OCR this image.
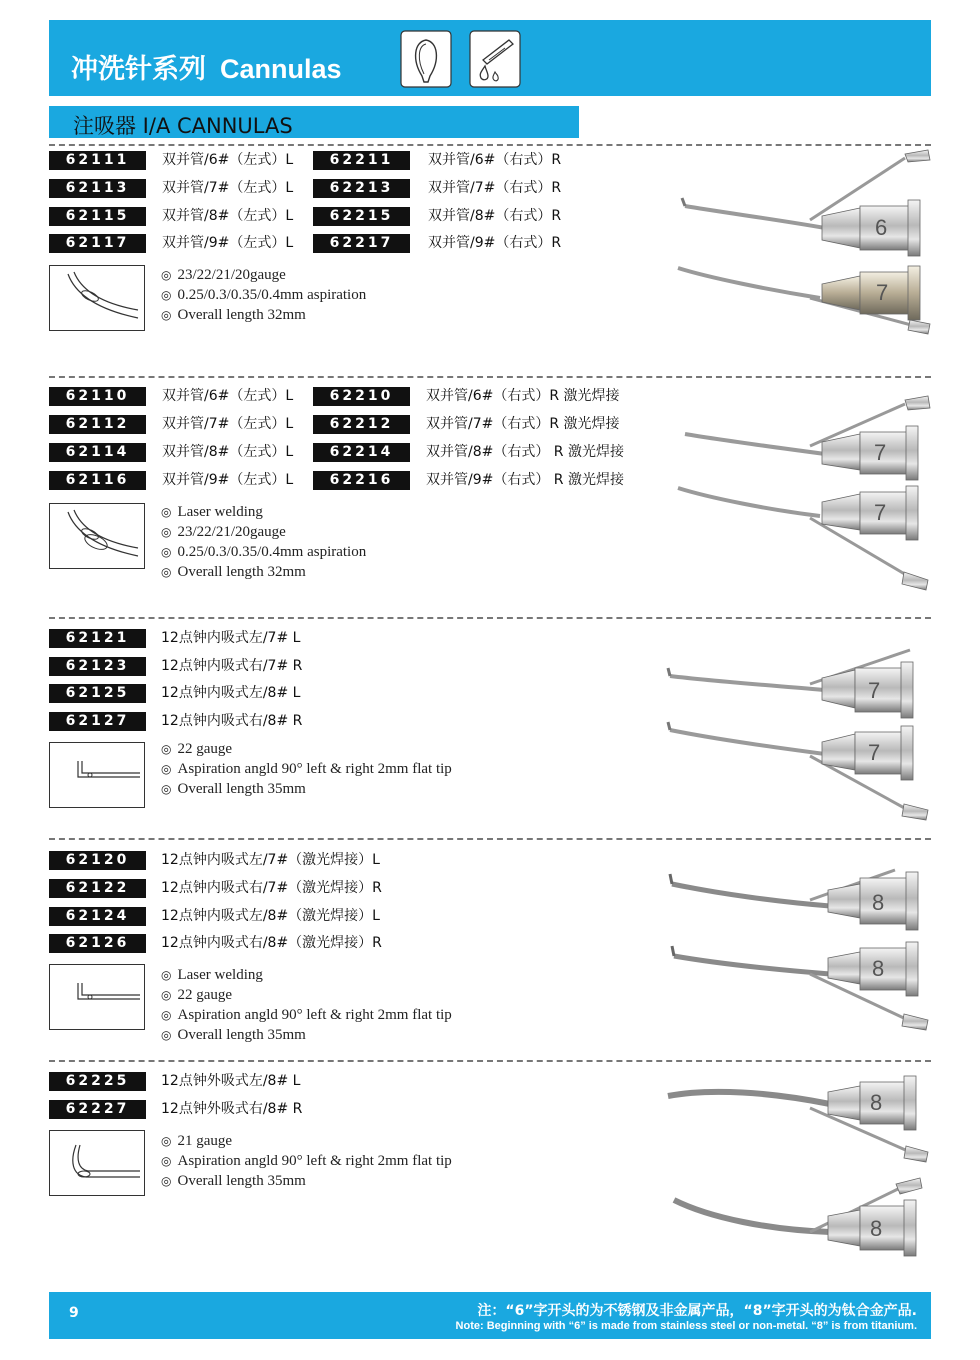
冲洗针系列 Cannulas
注吸器 I/A CANNULAS
62111	双并管/6#（左式）L	62211	双并管/6#（右式）R
62113	双并管/7#（左式）L	62213	双并管/7#（右式）R
62115	双并管/8#（左式）L	62215	双并管/8#（右式）R
62117	双并管/9#（左式）L	62217	双并管/9#（右式）R
◎ 23/22/21/20gauge
◎ 0.25/0.3/0.35/0.4mm aspiration
◎ Overall length 32mm
62110	双并管/6#（左式）L	62210	双并管/6#（右式）R 激光焊接
62112	双并管/7#（左式）L	62212	双并管/7#（右式）R 激光焊接
62114	双并管/8#（左式）L	62214	双并管/8#（右式） R 激光焊接
62116	双并管/9#（左式）L	62216	双并管/9#（右式） R 激光焊接
◎ Laser welding
◎ 23/22/21/20gauge
◎ 0.25/0.3/0.35/0.4mm aspiration
◎ Overall length 32mm
62121	12点钟内吸式左/7# L
62123	12点钟内吸式右/7# R
62125	12点钟内吸式左/8# L
62127	12点钟内吸式右/8# R
◎ 22 gauge
◎ Aspiration angld 90° left & right 2mm flat tip
◎ Overall length 35mm
62120	12点钟内吸式左/7#（激光焊接）L
62122	12点钟内吸式右/7#（激光焊接）R
62124	12点钟内吸式左/8#（激光焊接）L
62126	12点钟内吸式右/8#（激光焊接）R
◎ Laser welding
◎ 22 gauge
◎ Aspiration angld 90° left & right 2mm flat tip
◎ Overall length 35mm
62225	12点钟外吸式左/8# L
62227	12点钟外吸式右/8# R
◎ 21 gauge
◎ Aspiration angld 90° left & right 2mm flat tip
◎ Overall length 35mm
6
7
7
7
7
7
8
8
8
8
9	注：“6”字开头的为不锈钢及非金属产品，“8”字开头的为钛合金产品.
Note: Beginning with “6” is made from stainless steel or non-metal. “8” is from titanium.
